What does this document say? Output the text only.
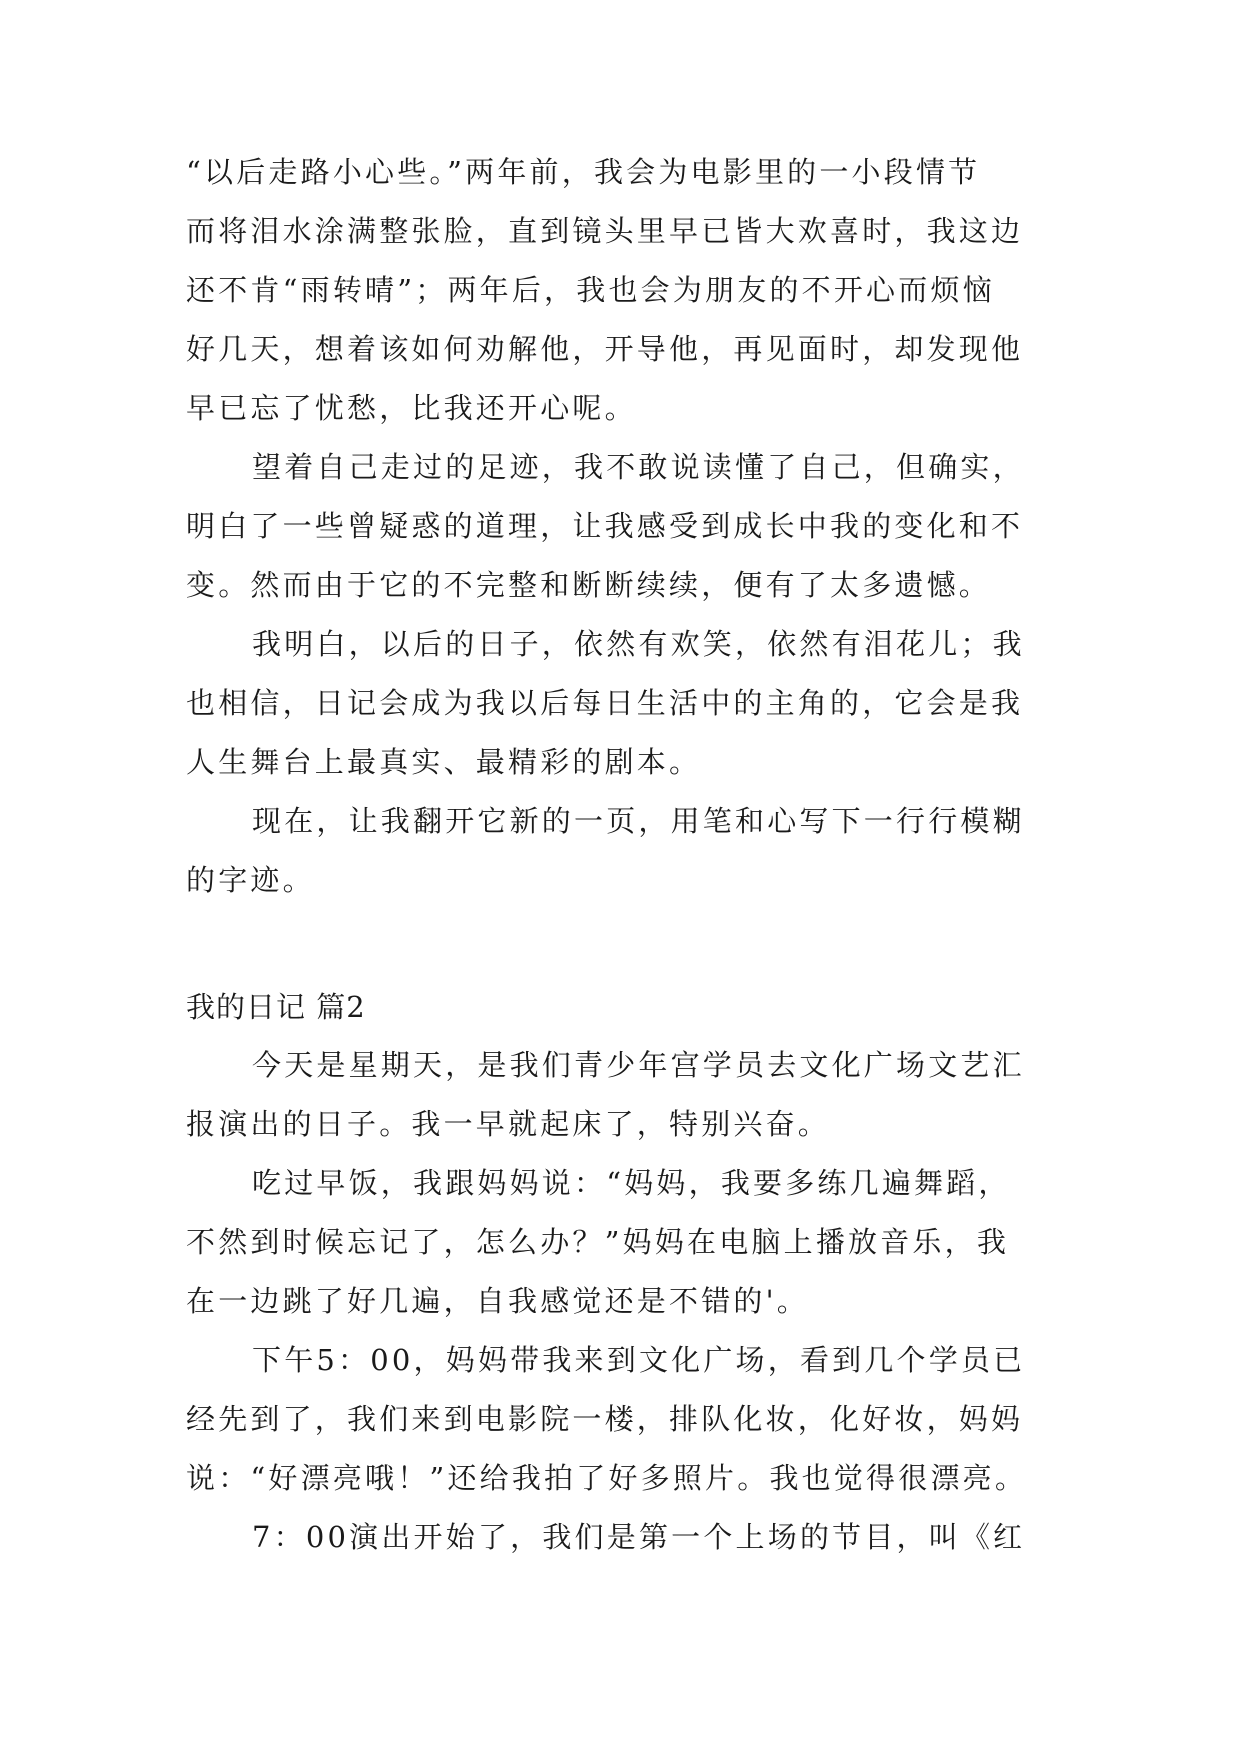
“以后走路小心些。”两年前，我会为电影里的一小段情节
而将泪水涂满整张脸，直到镜头里早已皆大欢喜时，我这边
还不肯“雨转晴”；两年后，我也会为朋友的不开心而烦恼
好几天，想着该如何劝解他，开导他，再见面时，却发现他
早已忘了忧愁，比我还开心呢。
望着自己走过的足迹，我不敢说读懂了自己，但确实，
明白了一些曾疑惑的道理，让我感受到成长中我的变化和不
变。然而由于它的不完整和断断续续，便有了太多遗憾。
我明白，以后的日子，依然有欢笑，依然有泪花儿；我
也相信，日记会成为我以后每日生活中的主角的，它会是我
人生舞台上最真实、最精彩的剧本。
现在，让我翻开它新的一页，用笔和心写下一行行模糊
的字迹。
我的日记 篇2
今天是星期天，是我们青少年宫学员去文化广场文艺汇
报演出的日子。我一早就起床了，特别兴奋。
吃过早饭，我跟妈妈说：“妈妈，我要多练几遍舞蹈，
不然到时候忘记了，怎么办？”妈妈在电脑上播放音乐，我
在一边跳了好几遍，自我感觉还是不错的'。
下午5：00，妈妈带我来到文化广场，看到几个学员已
经先到了，我们来到电影院一楼，排队化妆，化好妆，妈妈
说：“好漂亮哦！”还给我拍了好多照片。我也觉得很漂亮。
7：00演出开始了，我们是第一个上场的节目，叫《红
